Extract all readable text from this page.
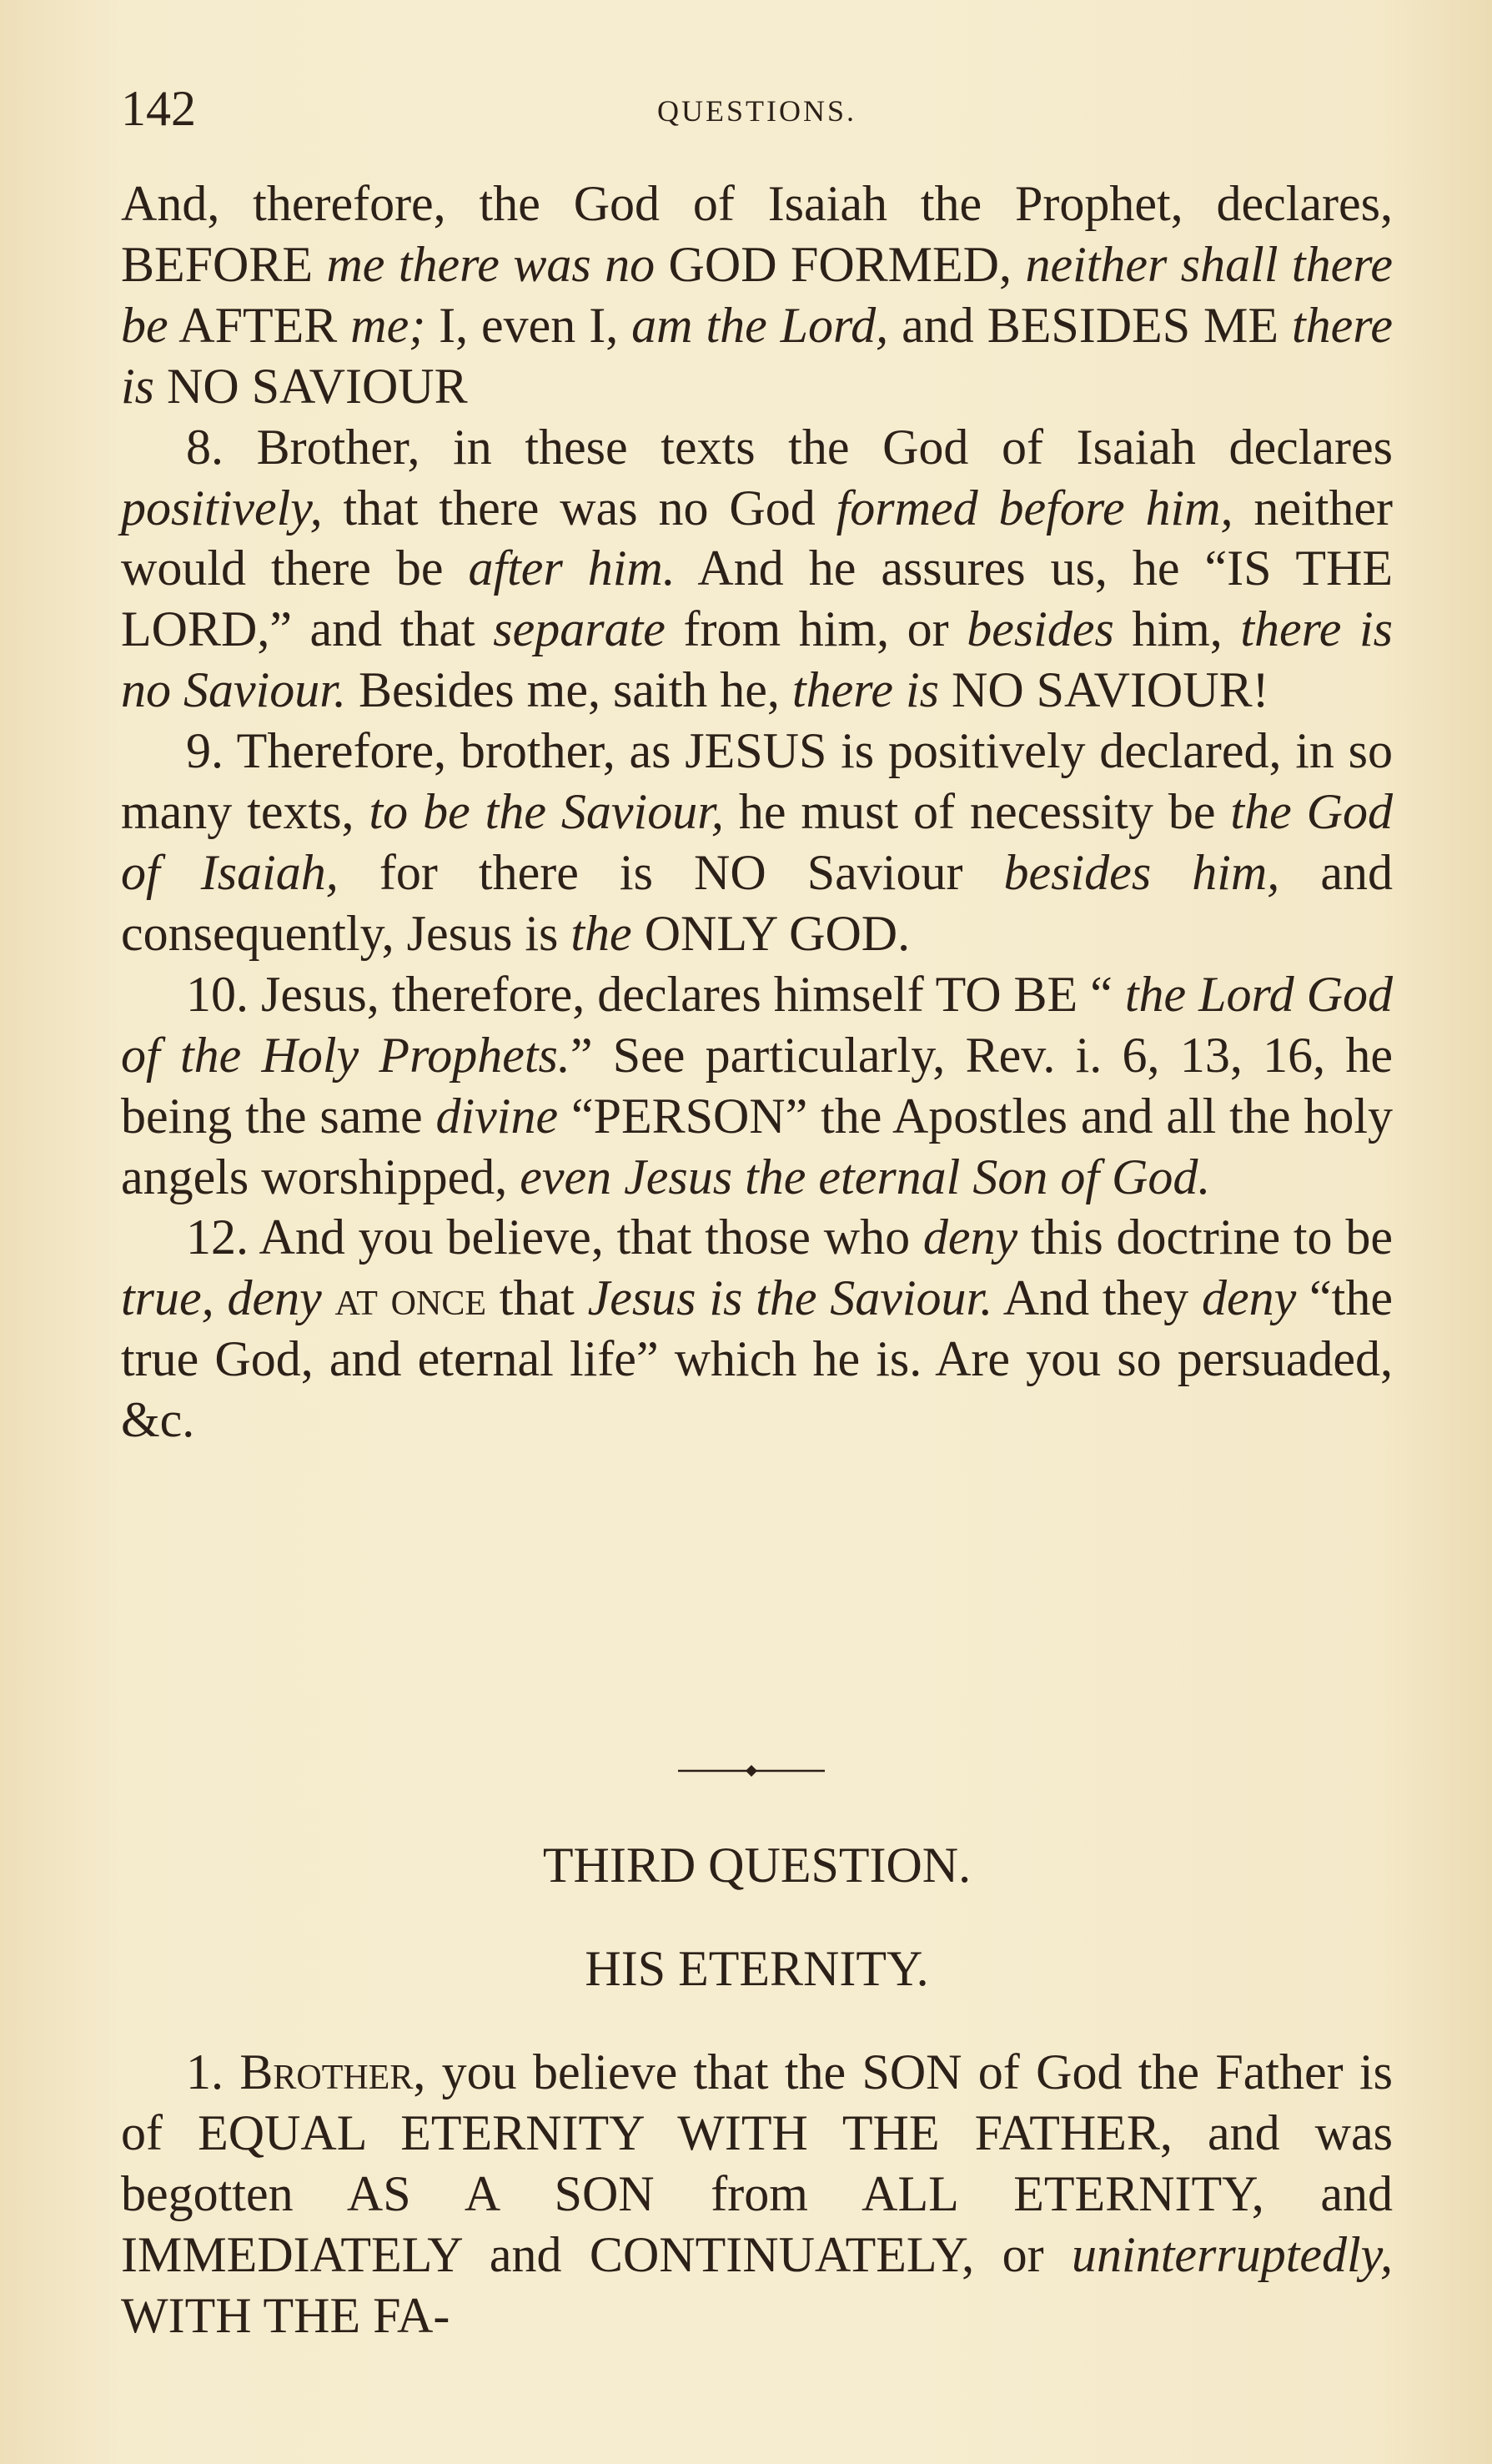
142	QUESTIONS.

And, therefore, the God of Isaiah the Prophet, declares, BEFORE me there was no GOD FORMED, neither shall there be AFTER me; I, even I, am the Lord, and BESIDES ME there is NO SAVIOUR

8. Brother, in these texts the God of Isaiah declares positively, that there was no God formed before him, neither would there be after him. And he assures us, he “IS THE LORD,” and that separate from him, or besides him, there is no Saviour. Besides me, saith he, there is NO SAVIOUR!

9. Therefore, brother, as JESUS is positively declared, in so many texts, to be the Saviour, he must of necessity be the God of Isaiah, for there is NO Saviour besides him, and consequently, Jesus is the ONLY GOD.

10. Jesus, therefore, declares himself TO BE “ the Lord God of the Holy Prophets.” See particularly, Rev. i. 6, 13, 16, he being the same divine “PERSON” the Apostles and all the holy angels worshipped, even Jesus the eternal Son of God.

12. And you believe, that those who deny this doctrine to be true, deny at once that Jesus is the Saviour. And they deny “the true God, and eternal life” which he is. Are you so persuaded, &c.

THIRD QUESTION.
HIS ETERNITY.

1. Brother, you believe that the SON of God the Father is of EQUAL ETERNITY WITH THE FATHER, and was begotten AS A SON from ALL ETERNITY, and IMMEDIATELY and CONTINUATELY, or uninterruptedly, WITH THE FA-
